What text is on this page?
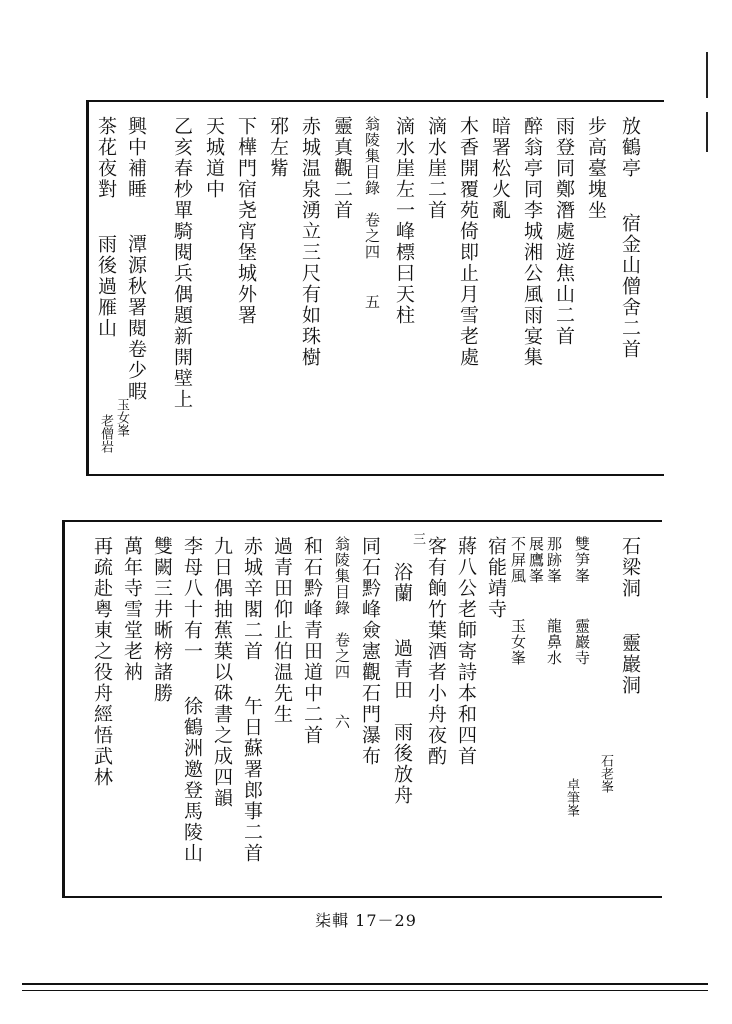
放鶴亭宿金山僧舍二首
步高臺塊坐
雨登同鄭潛處遊焦山二首
醉翁亭同李城湘公風雨宴集
暗署松火亂
木香開覆苑倚即止月雪老處
滴水崖二首
滴水崖左一峰標曰天柱
翁陵集目錄　卷之四五
靈真觀二首
赤城温泉湧立三尺有如珠樹
邪左觜
下樺門宿尧宵堡城外署
天城道中
乙亥春杪單騎閱兵偶題新開壁上
興中補睡潭源秋署閱卷少暇
茶花夜對雨後過雁山
玉女峯
老僧岩
石梁洞靈巖洞
石老峯
雙笋峯靈巖寺
卓筆峯
那跡峯龍鼻水
展鷹峯
不屏風玉女峯
宿能靖寺
蔣八公老師寄詩本和四首
客有餉竹葉酒者小舟夜酌
三
浴蘭過青田　雨後放舟
同石黔峰僉憲觀石門瀑布
翁陵集目錄　卷之四六
和石黔峰青田道中二首
過青田仰止伯温先生
赤城辛閣二首午日蘇署郎事二首
九日偶抽蕉葉以硃書之成四韻
李母八十有一徐鶴洲邀登馬陵山
雙闕三井晰榜諸勝
萬年寺雪堂老衲
再疏赴粤東之役舟經悟武林
柒輯 17－29
